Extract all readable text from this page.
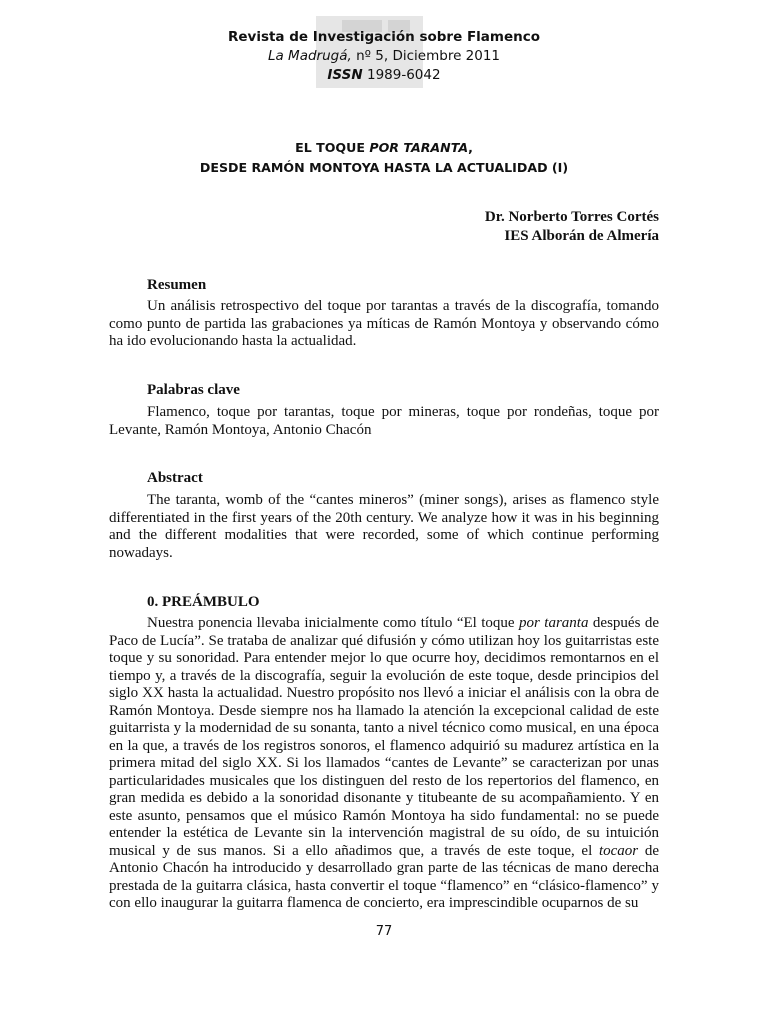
Revista de Investigación sobre Flamenco
La Madrugá, nº 5, Diciembre 2011
ISSN 1989-6042
EL TOQUE POR TARANTA,
DESDE RAMÓN MONTOYA HASTA LA ACTUALIDAD (I)
Dr. Norberto Torres Cortés
IES Alborán de Almería
Resumen

Un análisis retrospectivo del toque por tarantas a través de la discografía, tomando como punto de partida las grabaciones ya míticas de Ramón Montoya y observando cómo ha ido evolucionando hasta la actualidad.

Palabras clave

Flamenco, toque por tarantas, toque por mineras, toque por rondeñas, toque por Levante, Ramón Montoya, Antonio Chacón

Abstract

The taranta, womb of the “cantes mineros” (miner songs), arises as flamenco style differentiated in the first years of the 20th century. We analyze how it was in his beginning and the different modalities that were recorded, some of which continue performing nowadays.

0. PREÁMBULO

Nuestra ponencia llevaba inicialmente como título “El toque por taranta después de Paco de Lucía”. Se trataba de analizar qué difusión y cómo utilizan hoy los guitarristas este toque y su sonoridad. Para entender mejor lo que ocurre hoy, decidimos remontarnos en el tiempo y, a través de la discografía, seguir la evolución de este toque, desde principios del siglo XX hasta la actualidad. Nuestro propósito nos llevó a iniciar el análisis con la obra de Ramón Montoya. Desde siempre nos ha llamado la atención la excepcional calidad de este guitarrista y la modernidad de su sonanta, tanto a nivel técnico como musical, en una época en la que, a través de los registros sonoros, el flamenco adquirió su madurez artística en la primera mitad del siglo XX. Si los llamados “cantes de Levante” se caracterizan por unas particularidades musicales que los distinguen del resto de los repertorios del flamenco, en gran medida es debido a la sonoridad disonante y titubeante de su acompañamiento. Y en este asunto, pensamos que el músico Ramón Montoya ha sido fundamental: no se puede entender la estética de Levante sin la intervención magistral de su oído, de su intuición musical y de sus manos. Si a ello añadimos que, a través de este toque, el tocaor de Antonio Chacón ha introducido y desarrollado gran parte de las técnicas de mano derecha prestada de la guitarra clásica, hasta convertir el toque “flamenco” en “clásico-flamenco” y con ello inaugurar la guitarra flamenca de concierto, era imprescindible ocuparnos de su

77
